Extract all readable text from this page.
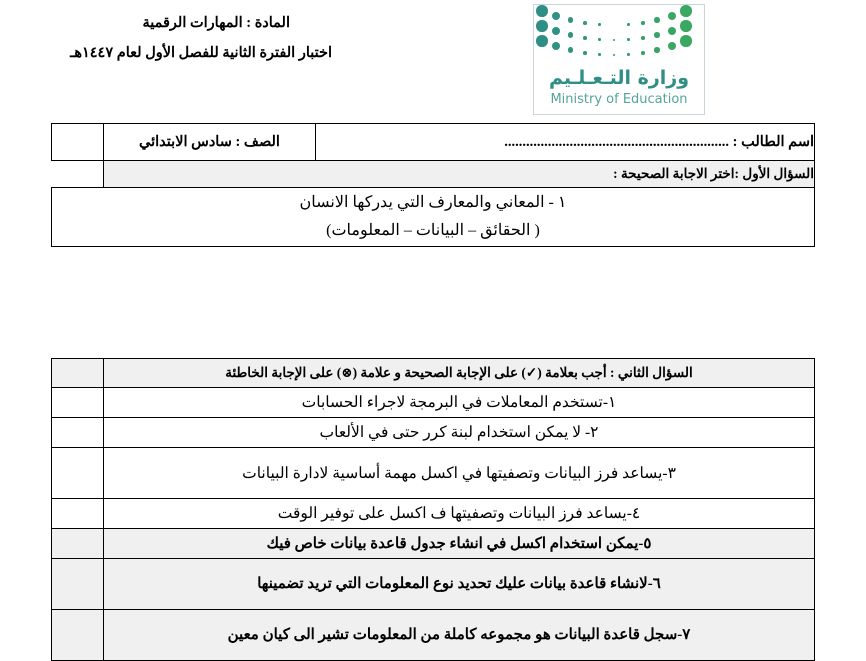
المادة : المهارات الرقمية
اختبار الفترة الثانية للفصل الأول لعام ١٤٤٧هـ
وزارة التـعـلـيم
Ministry of Education
اسم الطالب : ..............................................................	الصف : سادس الابتدائي	
السؤال الأول :اختر الاجابة الصحيحة :		

١ - المعاني والمعارف التي يدركها الانسان
( الحقائق – البيانات – المعلومات)		
السؤال الثاني : أجب بعلامة (✓) على الإجابة الصحيحة و علامة (⊗) على الإجابة الخاطئة	
١-تستخدم المعاملات في البرمجة لاجراء الحسابات	
٢- لا يمكن استخدام لبنة كرر حتى في الألعاب	
٣-يساعد فرز البيانات وتصفيتها في اكسل مهمة أساسية لادارة البيانات	
٤-يساعد فرز البيانات وتصفيتها ف اكسل على توفير الوقت	
٥-يمكن استخدام اكسل في انشاء جدول قاعدة بيانات خاص فيك	
٦-لانشاء قاعدة بيانات عليك تحديد نوع المعلومات التي تريد تضمينها	
٧-سجل قاعدة البيانات هو مجموعه كاملة من المعلومات تشير الى كيان معين	
